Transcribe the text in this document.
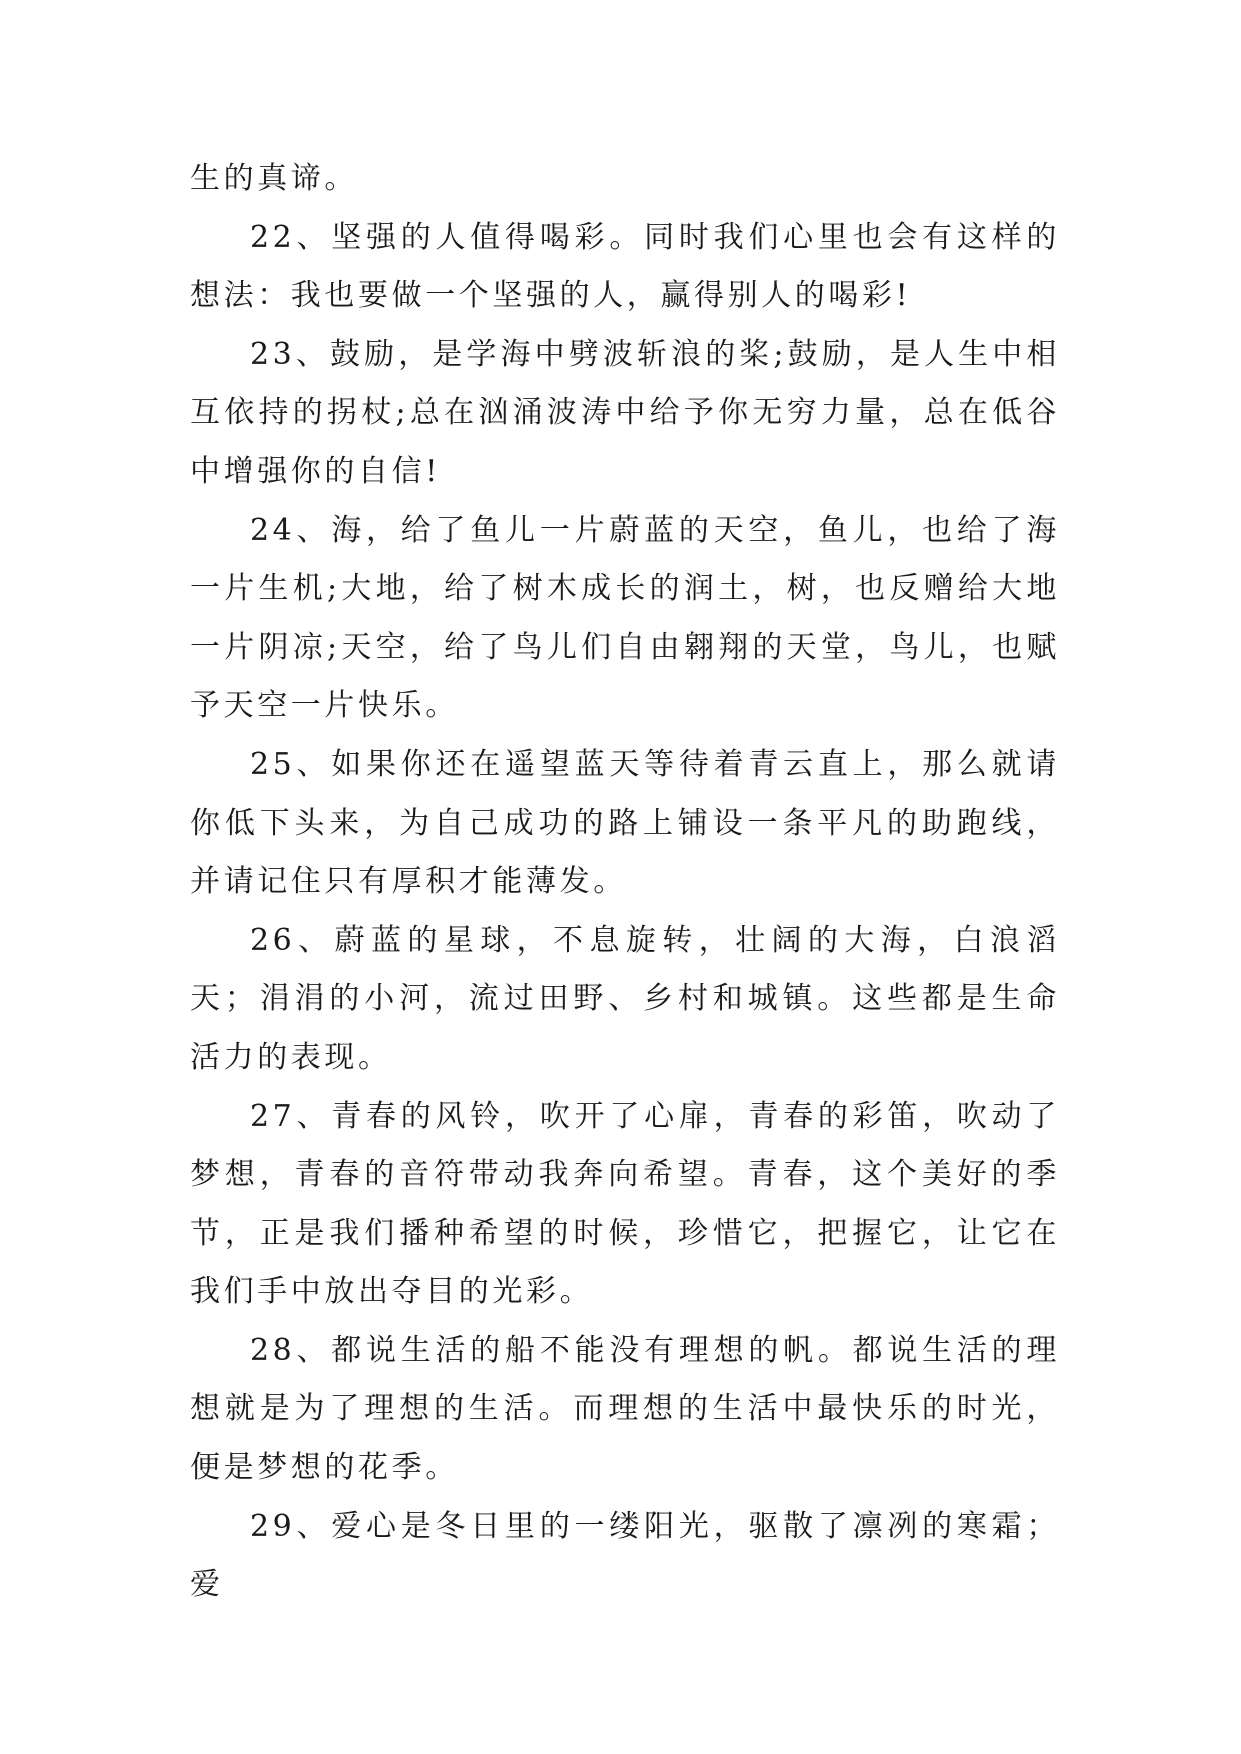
生的真谛。

22、坚强的人值得喝彩。同时我们心里也会有这样的想法：我也要做一个坚强的人，赢得别人的喝彩!

23、鼓励，是学海中劈波斩浪的桨;鼓励，是人生中相互依持的拐杖;总在汹涌波涛中给予你无穷力量，总在低谷中增强你的自信!

24、海，给了鱼儿一片蔚蓝的天空，鱼儿，也给了海一片生机;大地，给了树木成长的润土，树，也反赠给大地一片阴凉;天空，给了鸟儿们自由翱翔的天堂，鸟儿，也赋予天空一片快乐。

25、如果你还在遥望蓝天等待着青云直上，那么就请你低下头来，为自己成功的路上铺设一条平凡的助跑线，并请记住只有厚积才能薄发。

26、蔚蓝的星球，不息旋转，壮阔的大海，白浪滔天；涓涓的小河，流过田野、乡村和城镇。这些都是生命活力的表现。

27、青春的风铃，吹开了心扉，青春的彩笛，吹动了梦想，青春的音符带动我奔向希望。青春，这个美好的季节，正是我们播种希望的时候，珍惜它，把握它，让它在我们手中放出夺目的光彩。

28、都说生活的船不能没有理想的帆。都说生活的理想就是为了理想的生活。而理想的生活中最快乐的时光，便是梦想的花季。

29、爱心是冬日里的一缕阳光，驱散了凛冽的寒霜；爱
